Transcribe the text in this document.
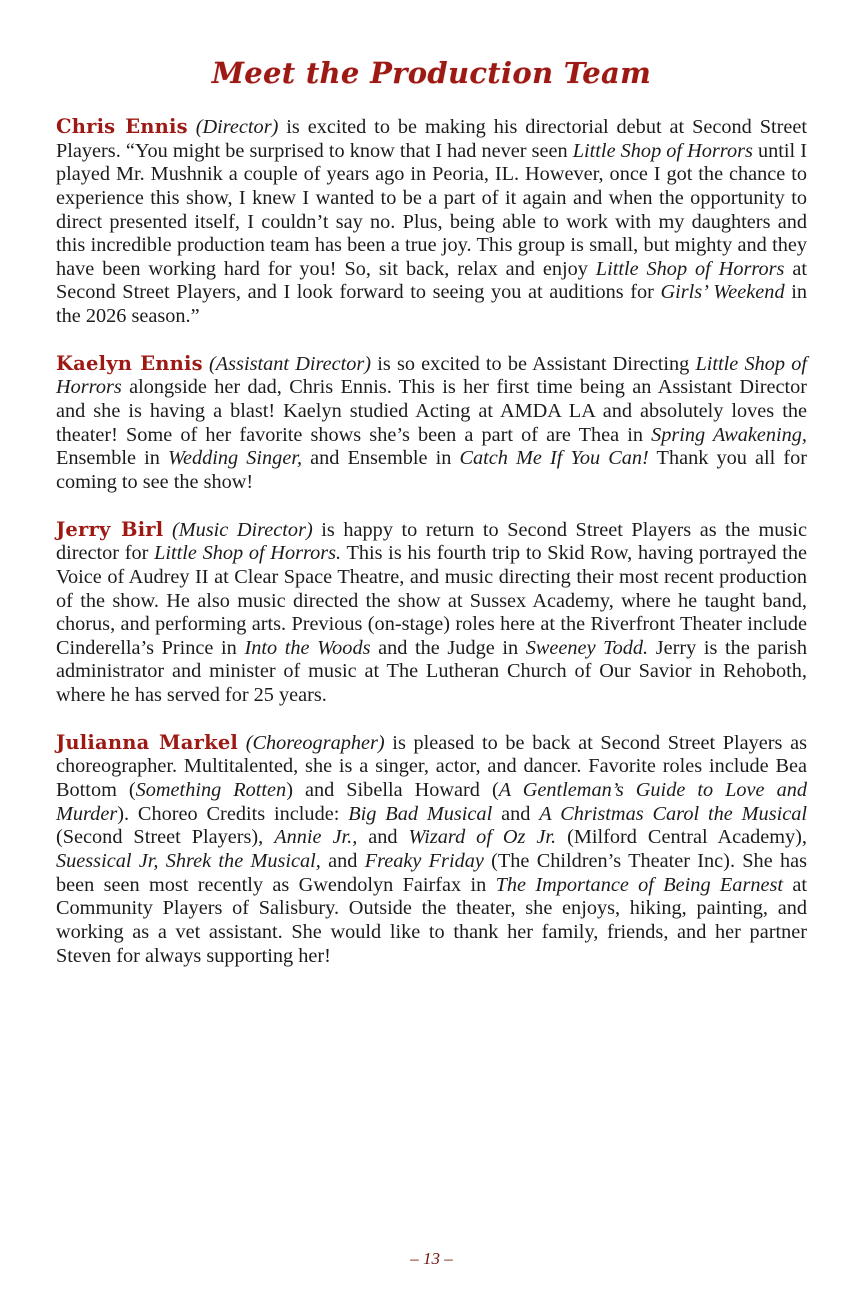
Meet the Production Team

Chris Ennis (Director) is excited to be making his directorial debut at Second Street Players. “You might be surprised to know that I had never seen Little Shop of Horrors until I played Mr. Mushnik a couple of years ago in Peoria, IL. However, once I got the chance to experience this show, I knew I wanted to be a part of it again and when the opportunity to direct presented itself, I couldn’t say no. Plus, being able to work with my daughters and this incredible production team has been a true joy. This group is small, but mighty and they have been working hard for you! So, sit back, relax and enjoy Little Shop of Horrors at Second Street Players, and I look forward to seeing you at auditions for Girls’ Weekend in the 2026 season.”

Kaelyn Ennis (Assistant Director) is so excited to be Assistant Directing Little Shop of Horrors alongside her dad, Chris Ennis. This is her first time being an Assistant Director and she is having a blast! Kaelyn studied Acting at AMDA LA and absolutely loves the theater! Some of her favorite shows she’s been a part of are Thea in Spring Awakening, Ensemble in Wedding Singer, and Ensemble in Catch Me If You Can! Thank you all for coming to see the show!

Jerry Birl (Music Director) is happy to return to Second Street Players as the music director for Little Shop of Horrors. This is his fourth trip to Skid Row, having portrayed the Voice of Audrey II at Clear Space Theatre, and music directing their most recent production of the show. He also music directed the show at Sussex Academy, where he taught band, chorus, and performing arts. Previous (on-stage) roles here at the Riverfront Theater include Cinderella’s Prince in Into the Woods and the Judge in Sweeney Todd. Jerry is the parish administrator and minister of music at The Lutheran Church of Our Savior in Rehoboth, where he has served for 25 years.

Julianna Markel (Choreographer) is pleased to be back at Second Street Players as choreographer. Multitalented, she is a singer, actor, and dancer. Favorite roles include Bea Bottom (Something Rotten) and Sibella Howard (A Gentleman’s Guide to Love and Murder). Choreo Credits include: Big Bad Musical and A Christmas Carol the Musical (Second Street Players), Annie Jr., and Wizard of Oz Jr. (Milford Central Academy), Suessical Jr, Shrek the Musical, and Freaky Friday (The Children’s Theater Inc). She has been seen most recently as Gwendolyn Fairfax in The Importance of Being Earnest at Community Players of Salisbury. Outside the theater, she enjoys, hiking, painting, and working as a vet assistant. She would like to thank her family, friends, and her partner Steven for always supporting her!

– 13 –
